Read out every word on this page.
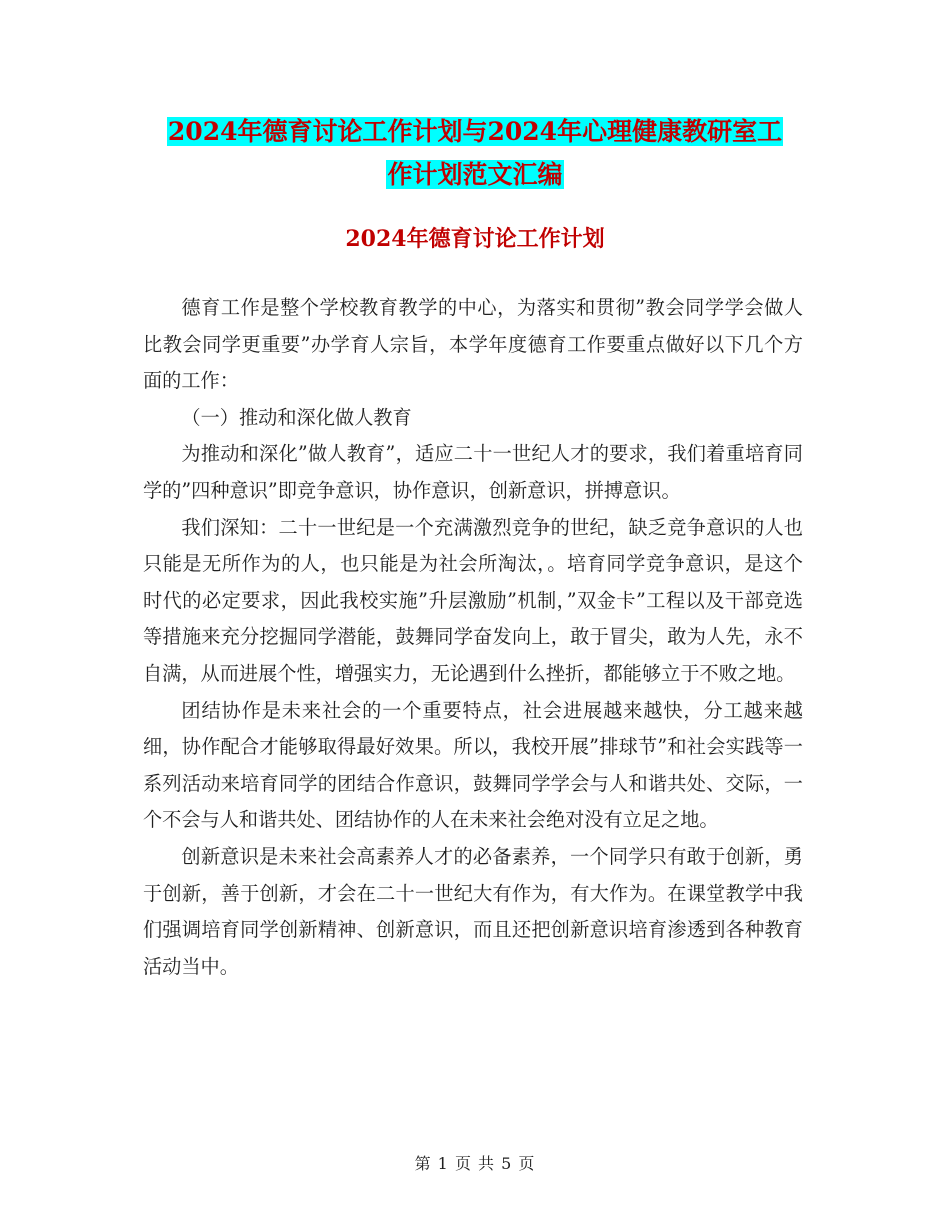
2024年德育讨论工作计划与2024年心理健康教研室工
作计划范文汇编
2024年德育讨论工作计划

德育工作是整个学校教育教学的中心，为落实和贯彻”教会同学学会做人比教会同学更重要”办学育人宗旨，本学年度德育工作要重点做好以下几个方面的工作：

（一）推动和深化做人教育

为推动和深化”做人教育”，适应二十一世纪人才的要求，我们着重培育同学的”四种意识”即竞争意识，协作意识，创新意识，拼搏意识。

我们深知：二十一世纪是一个充满激烈竞争的世纪，缺乏竞争意识的人也只能是无所作为的人，也只能是为社会所淘汰，。培育同学竞争意识，是这个时代的必定要求，因此我校实施”升层激励”机制，”双金卡”工程以及干部竞选等措施来充分挖掘同学潜能，鼓舞同学奋发向上，敢于冒尖，敢为人先，永不自满，从而进展个性，增强实力，无论遇到什么挫折，都能够立于不败之地。

团结协作是未来社会的一个重要特点，社会进展越来越快，分工越来越细，协作配合才能够取得最好效果。所以，我校开展”排球节”和社会实践等一系列活动来培育同学的团结合作意识，鼓舞同学学会与人和谐共处、交际，一个不会与人和谐共处、团结协作的人在未来社会绝对没有立足之地。

创新意识是未来社会高素养人才的必备素养，一个同学只有敢于创新，勇于创新，善于创新，才会在二十一世纪大有作为，有大作为。在课堂教学中我们强调培育同学创新精神、创新意识，而且还把创新意识培育渗透到各种教育活动当中。

第 1 页 共 5 页
